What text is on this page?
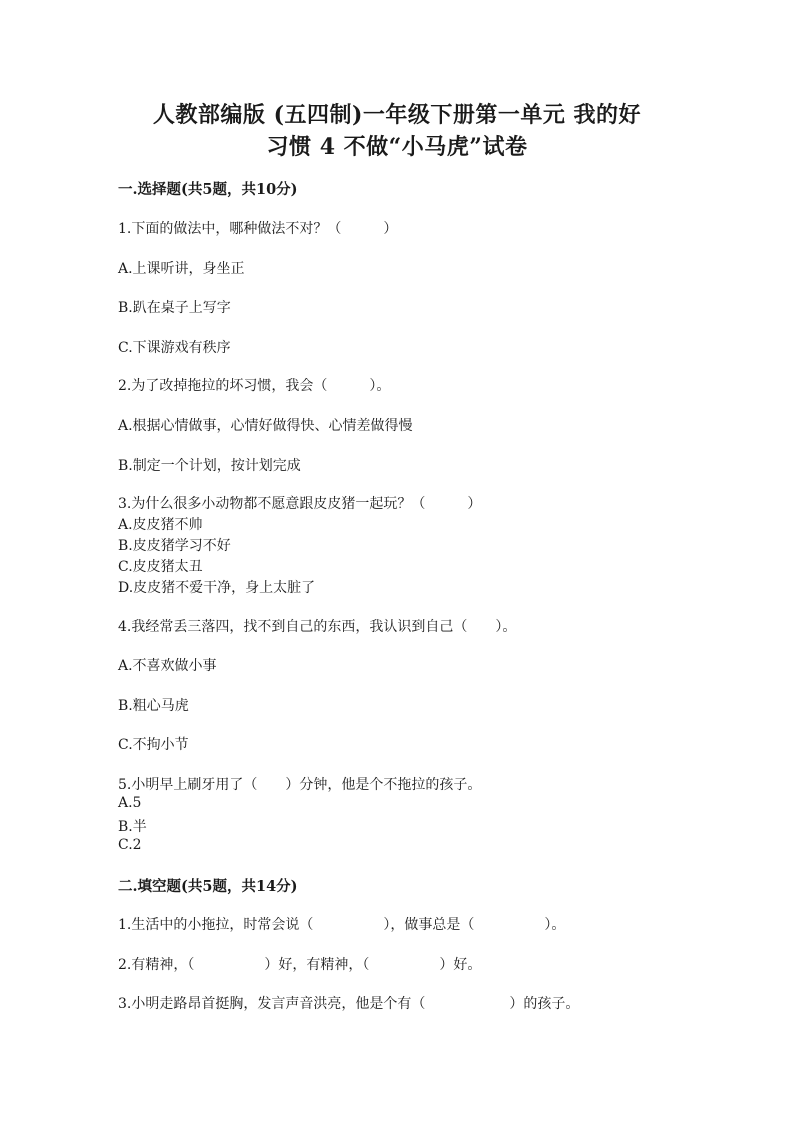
人教部编版 (五四制)一年级下册第一单元 我的好
习惯 4 不做“小马虎”试卷
一.选择题(共5题，共10分)
1.下面的做法中，哪种做法不对？（　　　）
A.上课听讲，身坐正
B.趴在桌子上写字
C.下课游戏有秩序
2.为了改掉拖拉的坏习惯，我会（　　　）。
A.根据心情做事，心情好做得快、心情差做得慢
B.制定一个计划，按计划完成
3.为什么很多小动物都不愿意跟皮皮猪一起玩？（　　　）
A.皮皮猪不帅
B.皮皮猪学习不好
C.皮皮猪太丑
D.皮皮猪不爱干净，身上太脏了
4.我经常丢三落四，找不到自己的东西，我认识到自己（　　）。
A.不喜欢做小事
B.粗心马虎
C.不拘小节
5.小明早上刷牙用了（　　）分钟，他是个不拖拉的孩子。
A.5
B.半
C.2
二.填空题(共5题，共14分)
1.生活中的小拖拉，时常会说（　　　　　），做事总是（　　　　　）。
2.有精神，（　　　　　）好，有精神，（　　　　　）好。
3.小明走路昂首挺胸，发言声音洪亮，他是个有（　　　　　　）的孩子。
